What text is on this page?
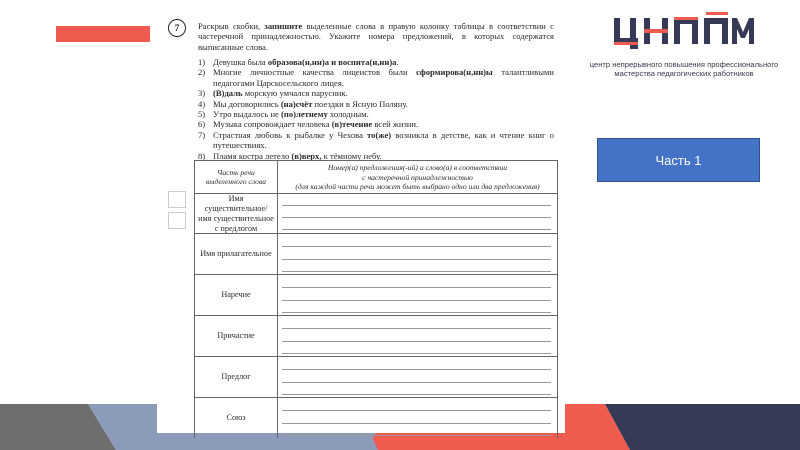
7	Раскрыв скобки, запишите выделенные слова в правую колонку таблицы в соответствии с частеречной принадлежностью. Укажите номера предложений, в которых содержатся выписанные слова.
1) Девушка была образова(н,нн)а и воспита(н,нн)а.
2) Многие личностные качества лицеистов были сформирова(н,нн)ы талантливыми педагогами Царскосельского лицея.
3) (В)даль морскую умчался парусник.
4) Мы договорились (на)счёт поездки в Ясную Поляну.
5) Утро выдалось не (по)летнему холодным.
6) Музыка сопровождает человека (в)течение всей жизни.
7) Страстная любовь к рыбалке у Чехова то(же) возникла в детстве, как и чтение книг о путешествиях.
8) Пламя костра летело (в)верх, к тёмному небу.
Часть речи выделенного слова
Номер(а) предложения(-ий) и слово(а) в соответствии
с частеречной принадлежностью
(для каждой части речи может быть выбрано одно или два предложения)
Имя существительное/ имя существительное с предлогом
Имя прилагательное
Наречие
Причастие
Предлог
Союз
центр непрерывного повышения профессионального
мастерства педагогических работников
Часть 1
